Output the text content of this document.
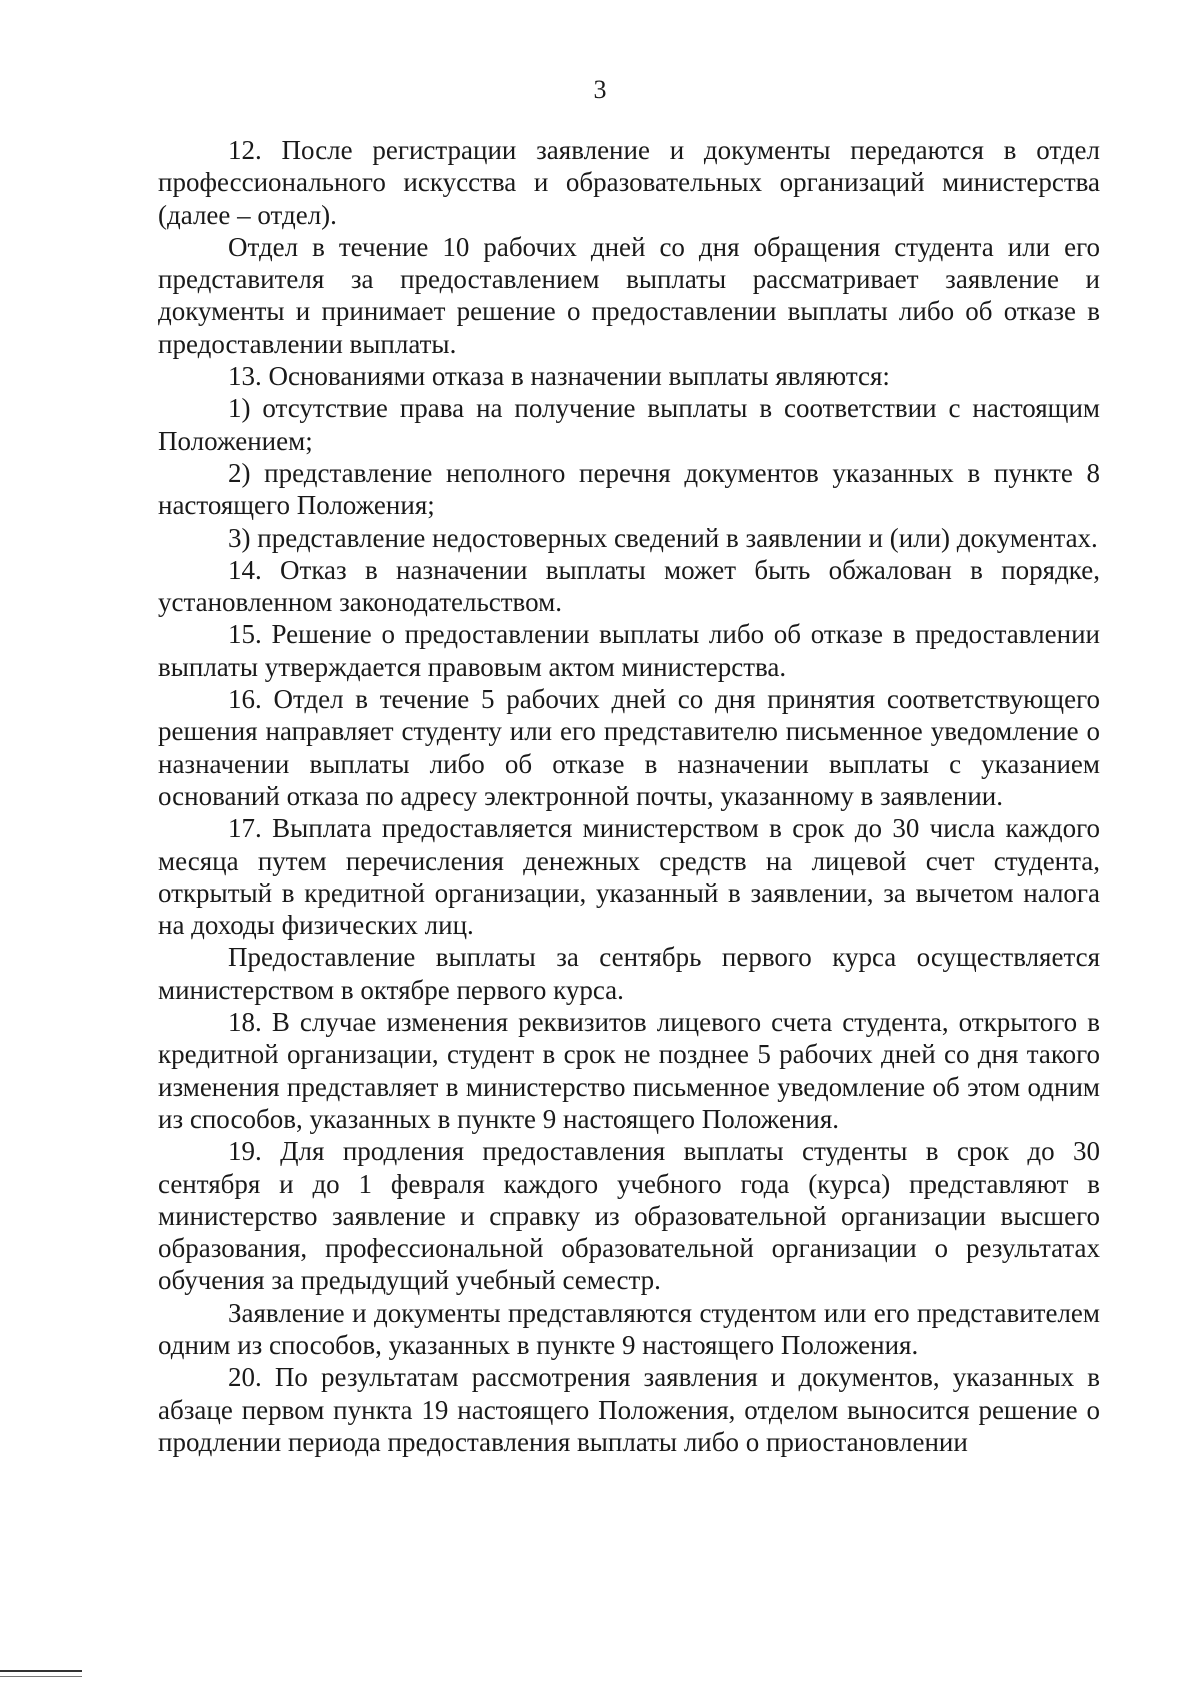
3

12. После регистрации заявление и документы передаются в отдел профессионального искусства и образовательных организаций министерства (далее – отдел).

Отдел в течение 10 рабочих дней со дня обращения студента или его представителя за предоставлением выплаты рассматривает заявление и документы и принимает решение о предоставлении выплаты либо об отказе в предоставлении выплаты.

13. Основаниями отказа в назначении выплаты являются:

1) отсутствие права на получение выплаты в соответствии с настоящим Положением;

2) представление неполного перечня документов указанных в пункте 8 настоящего Положения;

3) представление недостоверных сведений в заявлении и (или) документах.

14. Отказ в назначении выплаты может быть обжалован в порядке, установленном законодательством.

15. Решение о предоставлении выплаты либо об отказе в предоставлении выплаты утверждается правовым актом министерства.

16. Отдел в течение 5 рабочих дней со дня принятия соответствующего решения направляет студенту или его представителю письменное уведомление о назначении выплаты либо об отказе в назначении выплаты с указанием оснований отказа по адресу электронной почты, указанному в заявлении.

17. Выплата предоставляется министерством в срок до 30 числа каждого месяца путем перечисления денежных средств на лицевой счет студента, открытый в кредитной организации, указанный в заявлении, за вычетом налога на доходы физических лиц.

Предоставление выплаты за сентябрь первого курса осуществляется министерством в октябре первого курса.

18. В случае изменения реквизитов лицевого счета студента, открытого в кредитной организации, студент в срок не позднее 5 рабочих дней со дня такого изменения представляет в министерство письменное уведомление об этом одним из способов, указанных в пункте 9 настоящего Положения.

19. Для продления предоставления выплаты студенты в срок до 30 сентября и до 1 февраля каждого учебного года (курса) представляют в министерство заявление и справку из образовательной организации высшего образования, профессиональной образовательной организации о результатах обучения за предыдущий учебный семестр.

Заявление и документы представляются студентом или его представителем одним из способов, указанных в пункте 9 настоящего Положения.

20. По результатам рассмотрения заявления и документов, указанных в абзаце первом пункта 19 настоящего Положения, отделом выносится решение о продлении периода предоставления выплаты либо о приостановлении
